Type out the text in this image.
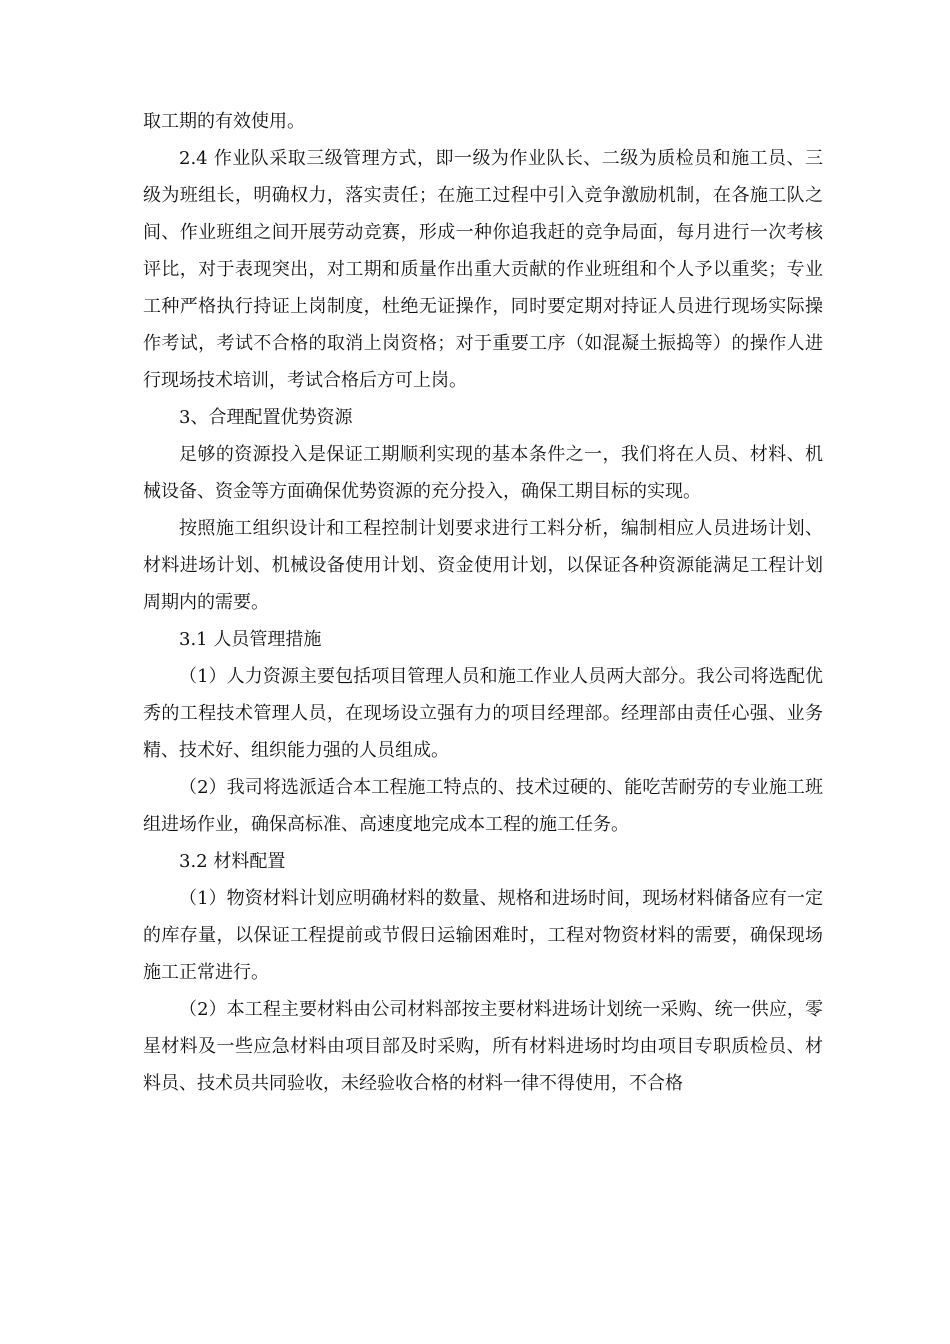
取工期的有效使用。

2.4 作业队采取三级管理方式，即一级为作业队长、二级为质检员和施工员、三级为班组长，明确权力，落实责任；在施工过程中引入竞争激励机制，在各施工队之间、作业班组之间开展劳动竞赛，形成一种你追我赶的竞争局面，每月进行一次考核评比，对于表现突出，对工期和质量作出重大贡献的作业班组和个人予以重奖；专业工种严格执行持证上岗制度，杜绝无证操作，同时要定期对持证人员进行现场实际操作考试，考试不合格的取消上岗资格；对于重要工序（如混凝土振捣等）的操作人进行现场技术培训，考试合格后方可上岗。

3、合理配置优势资源

足够的资源投入是保证工期顺利实现的基本条件之一，我们将在人员、材料、机械设备、资金等方面确保优势资源的充分投入，确保工期目标的实现。

按照施工组织设计和工程控制计划要求进行工料分析，编制相应人员进场计划、材料进场计划、机械设备使用计划、资金使用计划，以保证各种资源能满足工程计划周期内的需要。

3.1 人员管理措施

（1）人力资源主要包括项目管理人员和施工作业人员两大部分。我公司将选配优秀的工程技术管理人员，在现场设立强有力的项目经理部。经理部由责任心强、业务精、技术好、组织能力强的人员组成。

（2）我司将选派适合本工程施工特点的、技术过硬的、能吃苦耐劳的专业施工班组进场作业，确保高标准、高速度地完成本工程的施工任务。

3.2 材料配置

（1）物资材料计划应明确材料的数量、规格和进场时间，现场材料储备应有一定的库存量，以保证工程提前或节假日运输困难时，工程对物资材料的需要，确保现场施工正常进行。

（2）本工程主要材料由公司材料部按主要材料进场计划统一采购、统一供应，零星材料及一些应急材料由项目部及时采购，所有材料进场时均由项目专职质检员、材料员、技术员共同验收，未经验收合格的材料一律不得使用，不合格
